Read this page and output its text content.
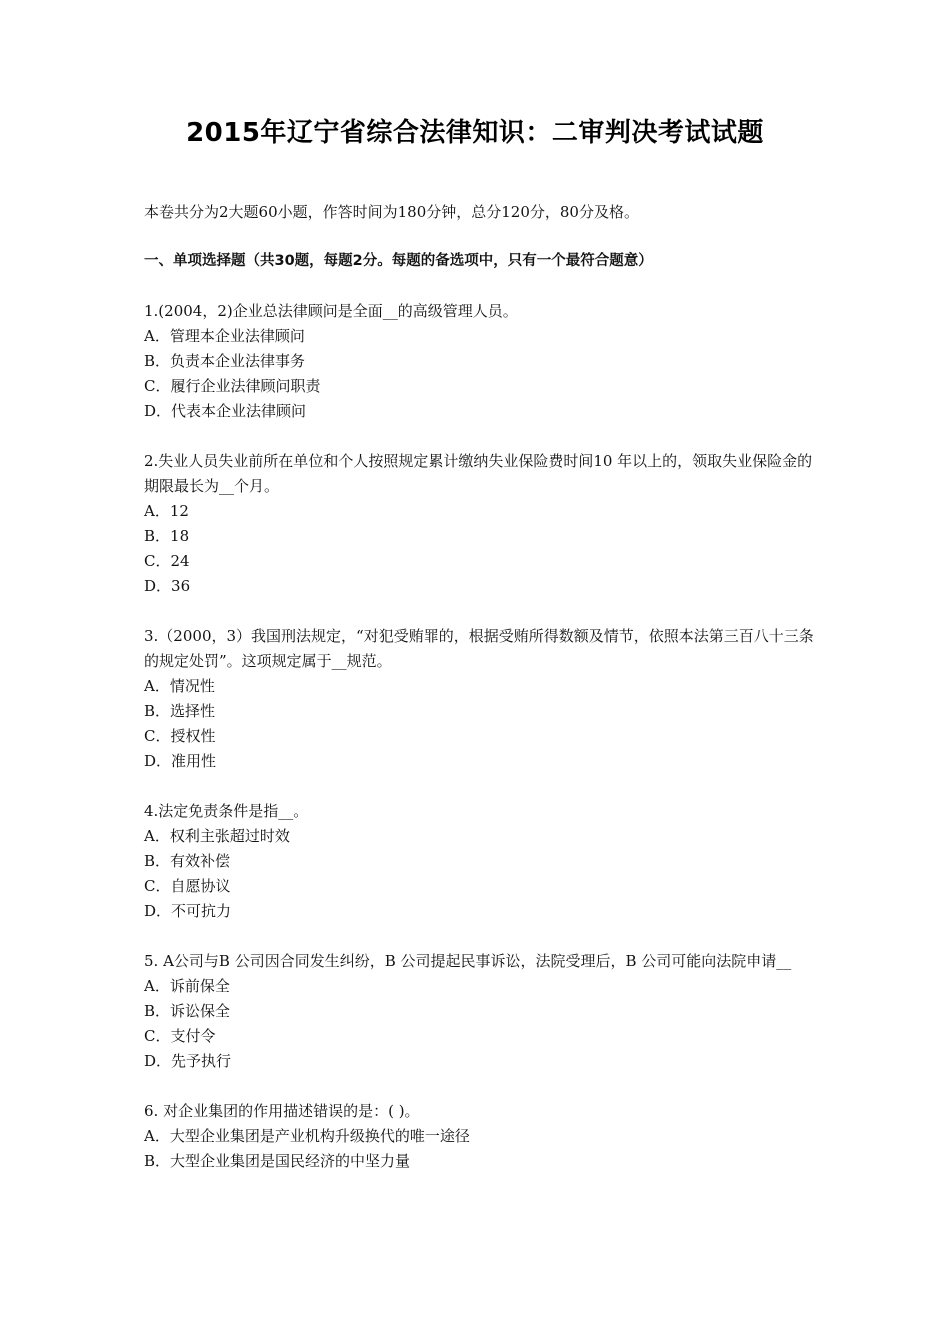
2015年辽宁省综合法律知识：二审判决考试试题

本卷共分为2大题60小题，作答时间为180分钟，总分120分，80分及格。

一、单项选择题（共30题，每题2分。每题的备选项中，只有一个最符合题意）

1.(2004，2)企业总法律顾问是全面__的高级管理人员。

A．管理本企业法律顾问

B．负责本企业法律事务

C．履行企业法律顾问职责

D．代表本企业法律顾问

2.失业人员失业前所在单位和个人按照规定累计缴纳失业保险费时间10 年以上的，领取失业保险金的期限最长为__个月。

A．12

B．18

C．24

D．36

3.（2000，3）我国刑法规定，“对犯受贿罪的，根据受贿所得数额及情节，依照本法第三百八十三条的规定处罚”。这项规定属于__规范。

A．情况性

B．选择性

C．授权性

D．准用性

4.法定免责条件是指__。

A．权利主张超过时效

B．有效补偿

C．自愿协议

D．不可抗力

5. A公司与B 公司因合同发生纠纷，B 公司提起民事诉讼，法院受理后，B 公司可能向法院申请__

A．诉前保全

B．诉讼保全

C．支付令

D．先予执行

6. 对企业集团的作用描述错误的是：( )。

A．大型企业集团是产业机构升级换代的唯一途径

B．大型企业集团是国民经济的中坚力量
